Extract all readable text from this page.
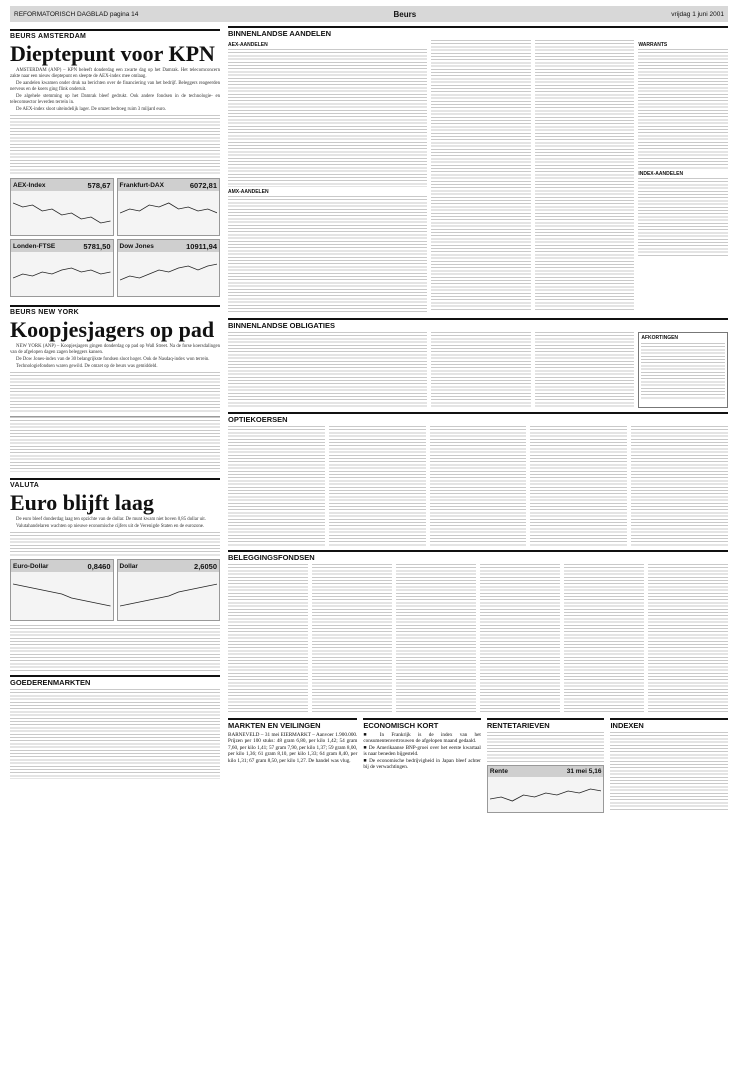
REFORMATORISCH DAGBLAD pagina 14	Beurs	vrijdag 1 juni 2001
BEURS AMSTERDAM
Dieptepunt voor KPN

AMSTERDAM (ANP) – KPN beleeft donderdag een zwarte dag op het Damrak. Het telecomconcern zakte naar een nieuw dieptepunt en sleepte de AEX-index mee omlaag.

De aandelen kwamen onder druk na berichten over de financiering van het bedrijf. Beleggers reageerden nerveus en de koers ging flink onderuit.

De algehele stemming op het Damrak bleef gedrukt. Ook andere fondsen in de technologie- en telecomsector leverden terrein in.

De AEX-index sloot uiteindelijk lager. De omzet bedroeg ruim 3 miljard euro.

AEX-Index	578,67 Frankfurt-DAX	6072,81
Londen-FTSE	5781,50 Dow Jones	10911,94
BEURS NEW YORK
Koopjesjagers op pad

NEW YORK (ANP) – Koopjesjagers gingen donderdag op pad op Wall Street. Na de forse koersdalingen van de afgelopen dagen zagen beleggers kansen.

De Dow Jones-index van de 30 belangrijkste fondsen sloot hoger. Ook de Nasdaq-index won terrein.

Technologiefondsen waren gewild. De omzet op de beurs was gemiddeld.

VALUTA
Euro blijft laag

De euro bleef donderdag laag ten opzichte van de dollar. De munt kwam niet boven 0,85 dollar uit.

Valutahandelaren wachten op nieuwe economische cijfers uit de Verenigde Staten en de eurozone.

Euro-Dollar	0,8460 Dollar	2,6050
GOEDERENMARKTEN
BINNENLANDSE AANDELEN
AEX-AANDELEN
AMX-AANDELEN
WARRANTS
INDEX-AANDELEN
BINNENLANDSE OBLIGATIES
AFKORTINGEN
OPTIEKOERSEN
BELEGGINGSFONDSEN
MARKTEN EN VEILINGEN
BARNEVELD – 31 mei EIERMARKT – Aanvoer 1.900.000. Prijzen per 100 stuks: 48 gram 6,80, per kilo 1,42; 54 gram 7,60, per kilo 1,41; 57 gram 7,90, per kilo 1,37; 59 gram 8,00, per kilo 1,36; 61 gram 8,10, per kilo 1,33; 64 gram 8,40, per kilo 1,31; 67 gram 8,50, per kilo 1,27. De handel was vlug.
ECONOMISCH KORT
■ In Frankrijk is de index van het consumentenvertrouwen de afgelopen maand gedaald.
■ De Amerikaanse BNP-groei over het eerste kwartaal is naar beneden bijgesteld.
■ De economische bedrijvigheid in Japan bleef achter bij de verwachtingen.
RENTETARIEVEN
Rente	31 mei 5,16
INDEXEN
